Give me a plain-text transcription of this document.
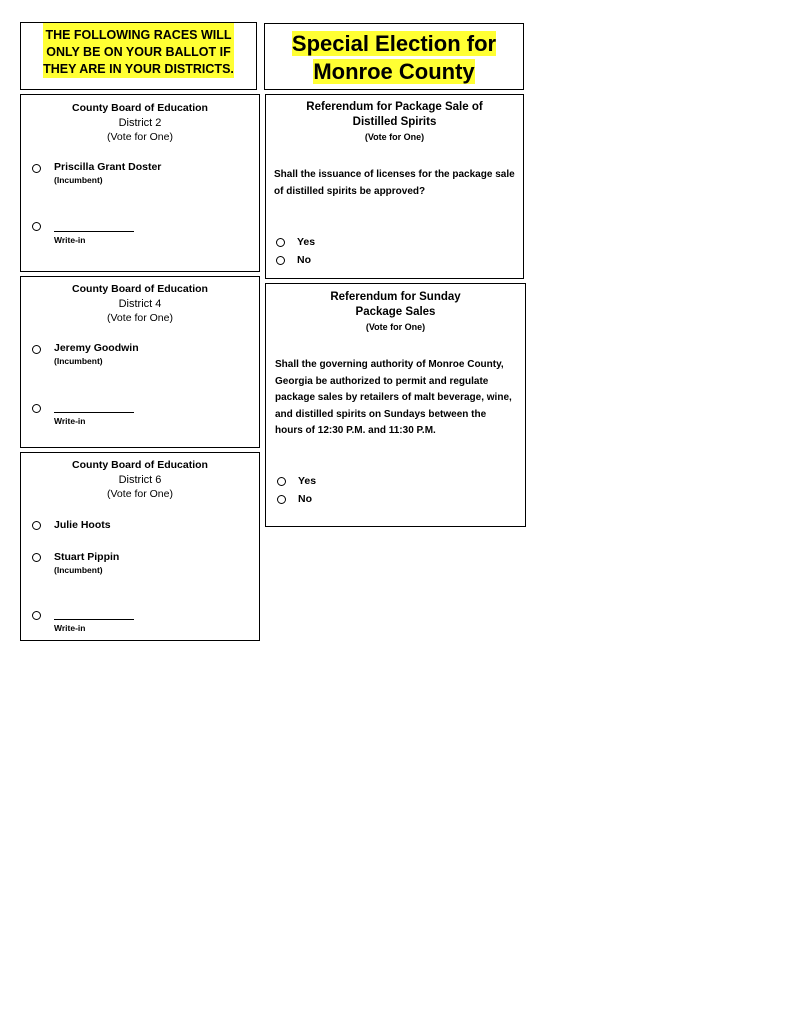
THE FOLLOWING RACES WILL
ONLY BE ON YOUR BALLOT IF
THEY ARE IN YOUR DISTRICTS.
Special Election for
Monroe County
County Board of Education
District 2
(Vote for One)
Priscilla Grant Doster
(Incumbent)
Write-in
County Board of Education
District 4
(Vote for One)
Jeremy Goodwin
(Incumbent)
Write-in
County Board of Education
District 6
(Vote for One)
Julie Hoots
Stuart Pippin
(Incumbent)
Write-in
Referendum for Package Sale of
Distilled Spirits
(Vote for One)
Shall the issuance of licenses for the package sale
of distilled spirits be approved?
Yes
No
Referendum for Sunday
Package Sales
(Vote for One)
Shall the governing authority of Monroe County,
Georgia be authorized to permit and regulate
package sales by retailers of malt beverage, wine,
and distilled spirits on Sundays between the
hours of 12:30 P.M. and 11:30 P.M.
Yes
No
